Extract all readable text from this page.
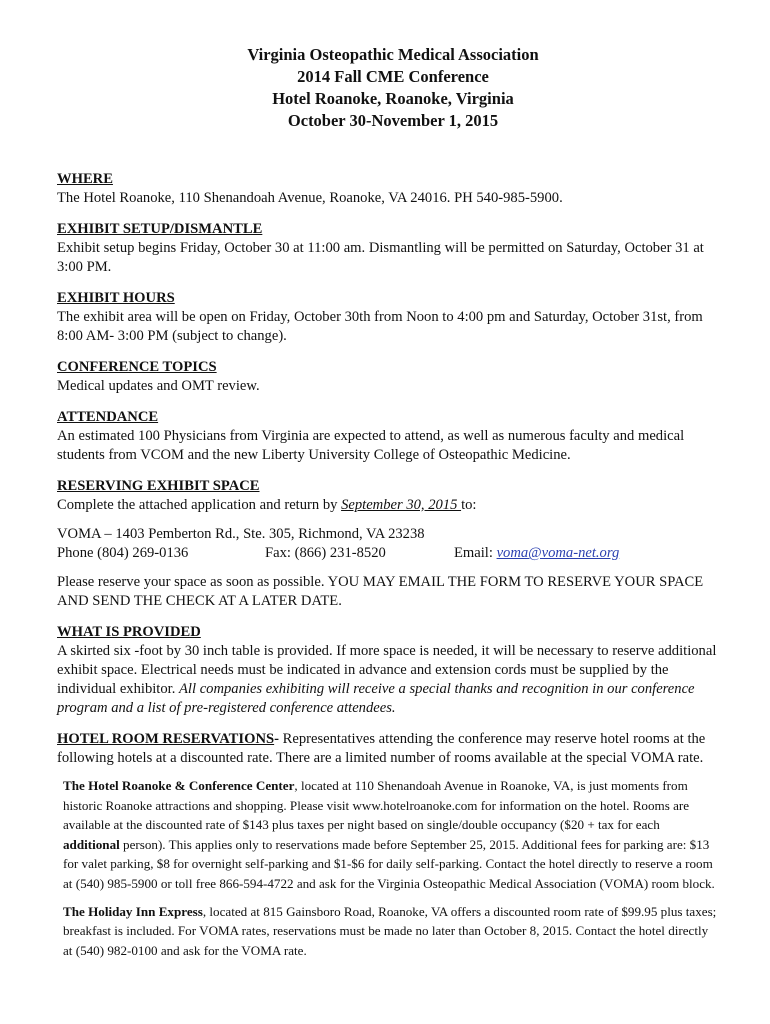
Virginia Osteopathic Medical Association
2014 Fall CME Conference
Hotel Roanoke, Roanoke, Virginia
October 30-November 1, 2015
WHERE
The Hotel Roanoke, 110 Shenandoah Avenue, Roanoke, VA 24016. PH 540-985-5900.
EXHIBIT SETUP/DISMANTLE
Exhibit setup begins Friday, October 30 at 11:00 am. Dismantling will be permitted on Saturday, October 31 at 3:00 PM.
EXHIBIT HOURS
The exhibit area will be open on Friday, October 30th from Noon to 4:00 pm and Saturday, October 31st, from 8:00 AM- 3:00 PM (subject to change).
CONFERENCE TOPICS
Medical updates and OMT review.
ATTENDANCE
An estimated 100 Physicians from Virginia are expected to attend, as well as numerous faculty and medical students from VCOM and the new Liberty University College of Osteopathic Medicine.
RESERVING EXHIBIT SPACE
Complete the attached application and return by September 30, 2015 to:
VOMA – 1403 Pemberton Rd., Ste. 305, Richmond, VA 23238
Phone (804) 269-0136	Fax: (866) 231-8520	Email: voma@voma-net.org
Please reserve your space as soon as possible. YOU MAY EMAIL THE FORM TO RESERVE YOUR SPACE AND SEND THE CHECK AT A LATER DATE.
WHAT IS PROVIDED
A skirted six -foot by 30 inch table is provided. If more space is needed, it will be necessary to reserve additional exhibit space. Electrical needs must be indicated in advance and extension cords must be supplied by the individual exhibitor. All companies exhibiting will receive a special thanks and recognition in our conference program and a list of pre-registered conference attendees.
HOTEL ROOM RESERVATIONS- Representatives attending the conference may reserve hotel rooms at the following hotels at a discounted rate. There are a limited number of rooms available at the special VOMA rate.
The Hotel Roanoke & Conference Center, located at 110 Shenandoah Avenue in Roanoke, VA, is just moments from historic Roanoke attractions and shopping. Please visit www.hotelroanoke.com for information on the hotel. Rooms are available at the discounted rate of $143 plus taxes per night based on single/double occupancy ($20 + tax for each additional person). This applies only to reservations made before September 25, 2015. Additional fees for parking are: $13 for valet parking, $8 for overnight self-parking and $1-$6 for daily self-parking. Contact the hotel directly to reserve a room at (540) 985-5900 or toll free 866-594-4722 and ask for the Virginia Osteopathic Medical Association (VOMA) room block.
The Holiday Inn Express, located at 815 Gainsboro Road, Roanoke, VA offers a discounted room rate of $99.95 plus taxes; breakfast is included. For VOMA rates, reservations must be made no later than October 8, 2015. Contact the hotel directly at (540) 982-0100 and ask for the VOMA rate.
